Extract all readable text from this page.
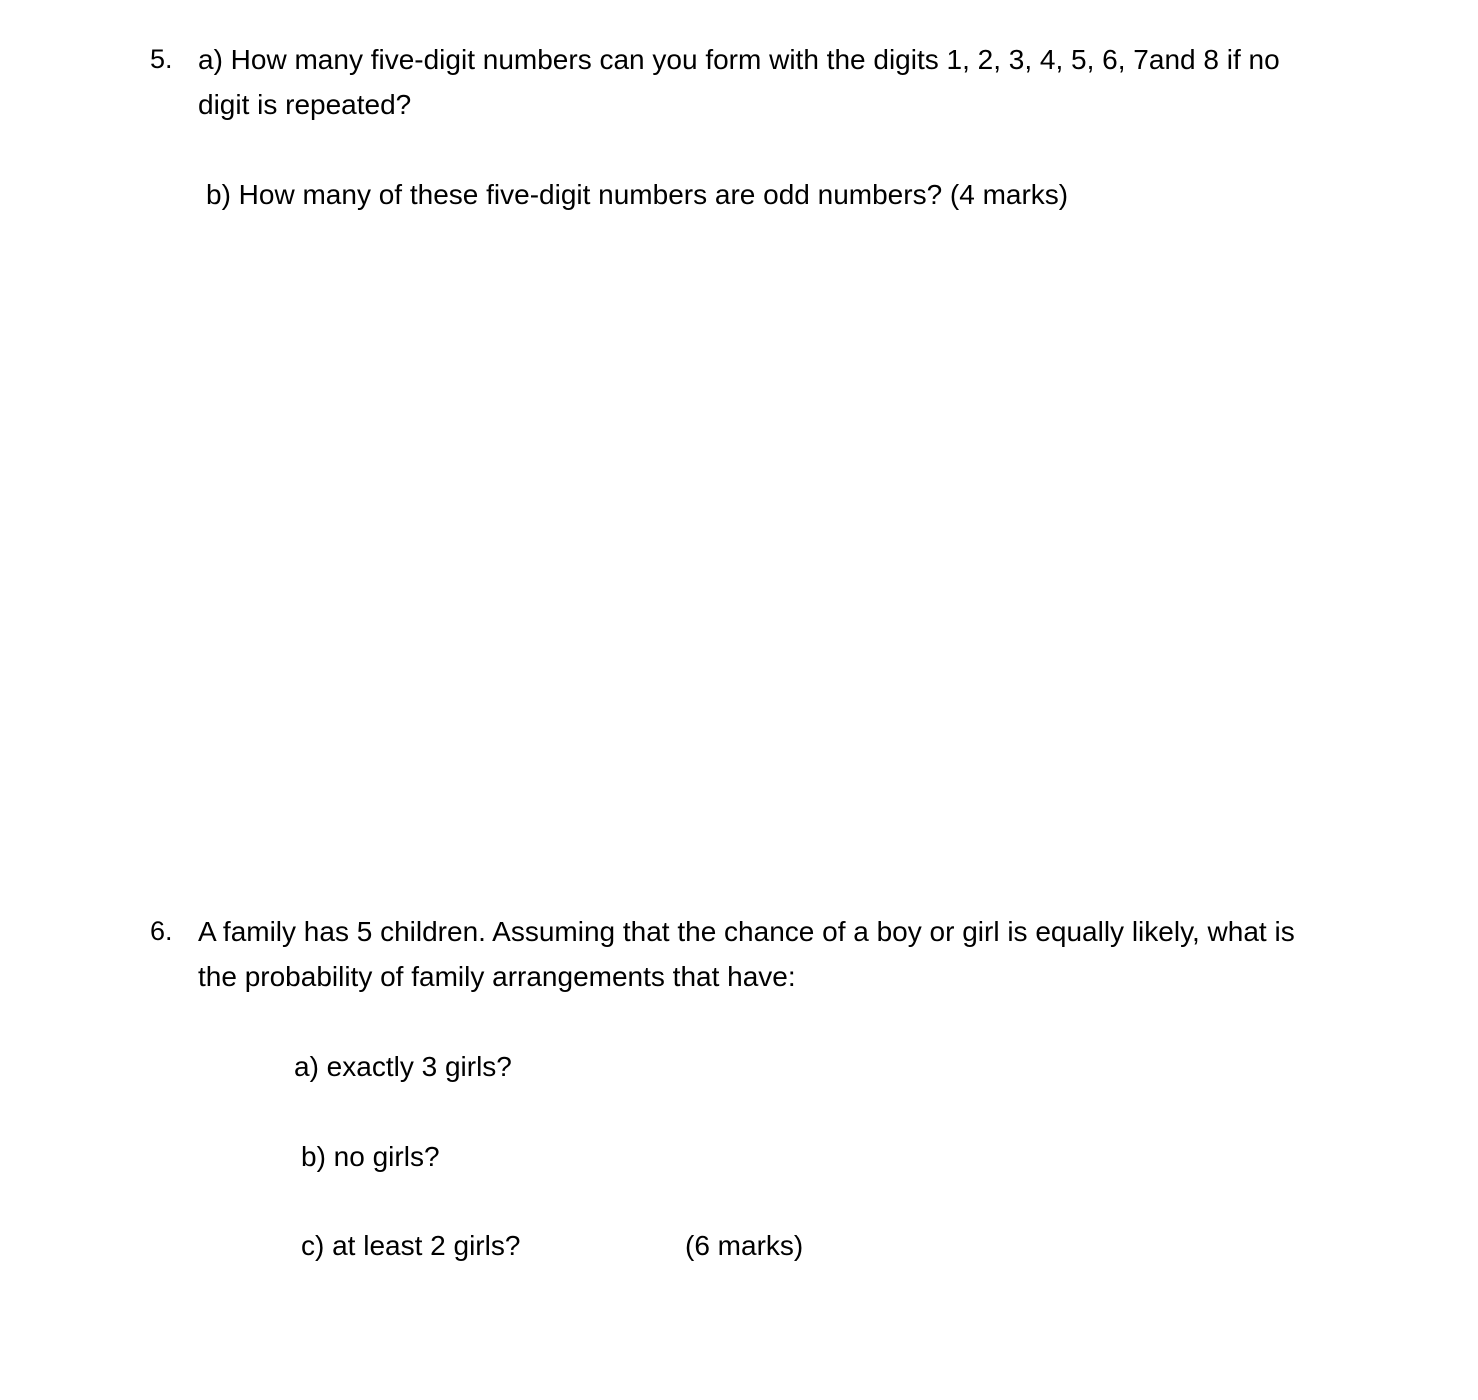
5. a) How many five-digit numbers can you form with the digits 1, 2, 3, 4, 5, 6, 7and 8 if no
digit is repeated?
b) How many of these five-digit numbers are odd numbers? (4 marks)
6. A family has 5 children. Assuming that the chance of a boy or girl is equally likely, what is
the probability of family arrangements that have:
a) exactly 3 girls?
b) no girls?
c) at least 2 girls?	(6 marks)
